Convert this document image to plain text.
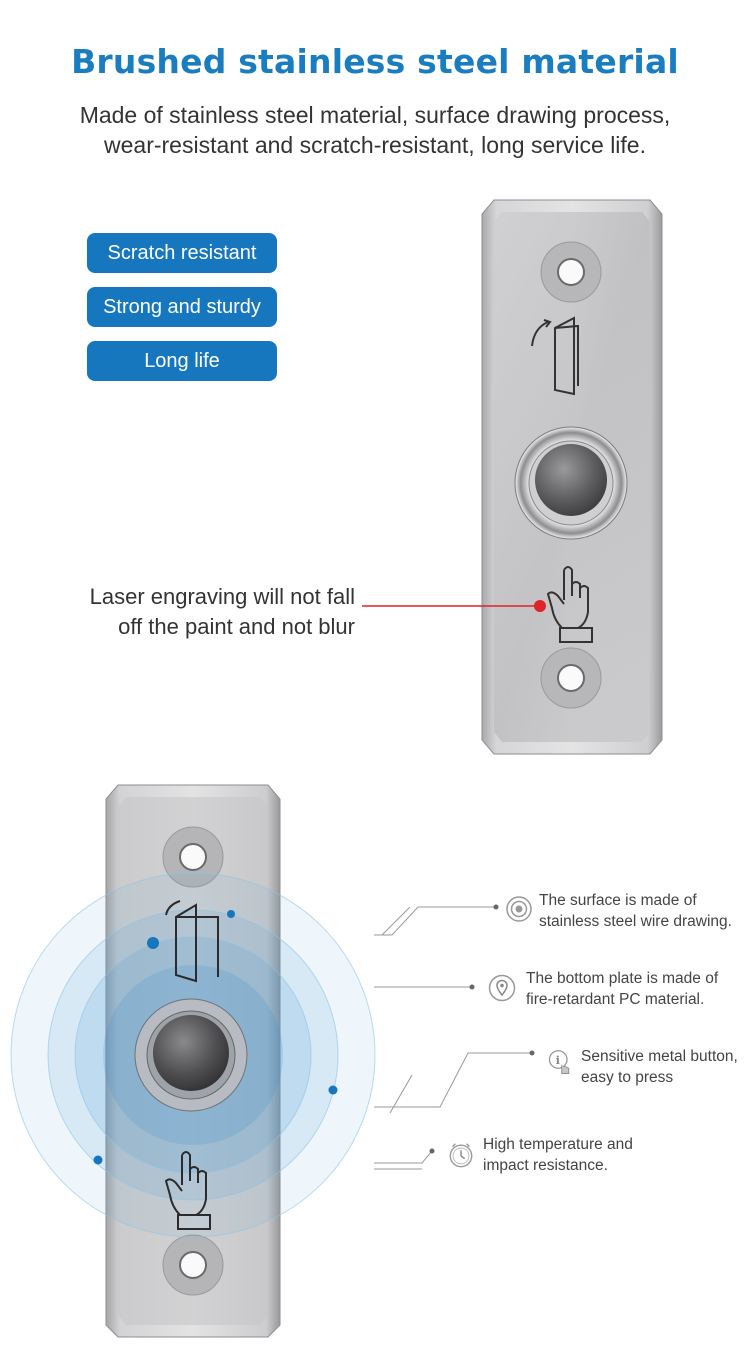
Brushed stainless steel material
Made of stainless steel material, surface drawing process,
wear-resistant and scratch-resistant, long service life.
Scratch resistant
Strong and sturdy
Long life
Laser engraving will not fall
off the paint and not blur
The surface is made of
stainless steel wire drawing.
The bottom plate is made of
fire-retardant PC material.
i Sensitive metal button,
easy to press
High temperature and
impact resistance.
